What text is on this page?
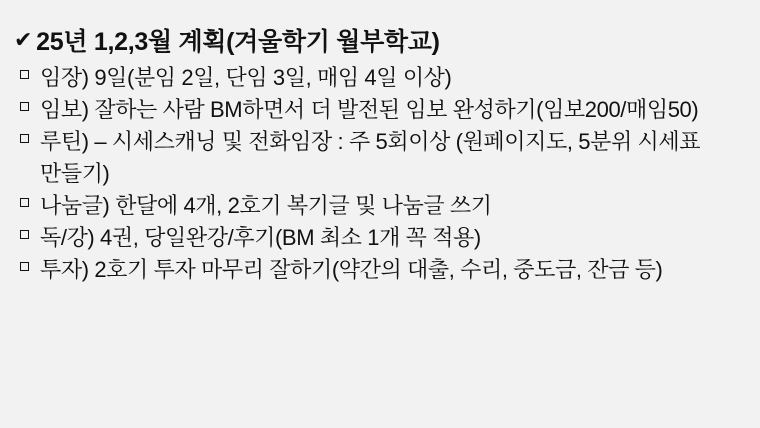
✔ 25년 1,2,3월 계획(겨울학기 월부학교)
임장) 9일(분임 2일, 단임 3일, 매임 4일 이상)
임보) 잘하는 사람 BM하면서 더 발전된 임보 완성하기(임보200/매임50)
루틴) – 시세스캐닝 및 전화임장 : 주 5회이상 (원페이지도, 5분위 시세표 만들기)
나눔글) 한달에 4개, 2호기 복기글 및 나눔글 쓰기
독/강) 4권, 당일완강/후기(BM 최소 1개 꼭 적용)
투자) 2호기 투자 마무리 잘하기(약간의 대출, 수리, 중도금, 잔금 등)
